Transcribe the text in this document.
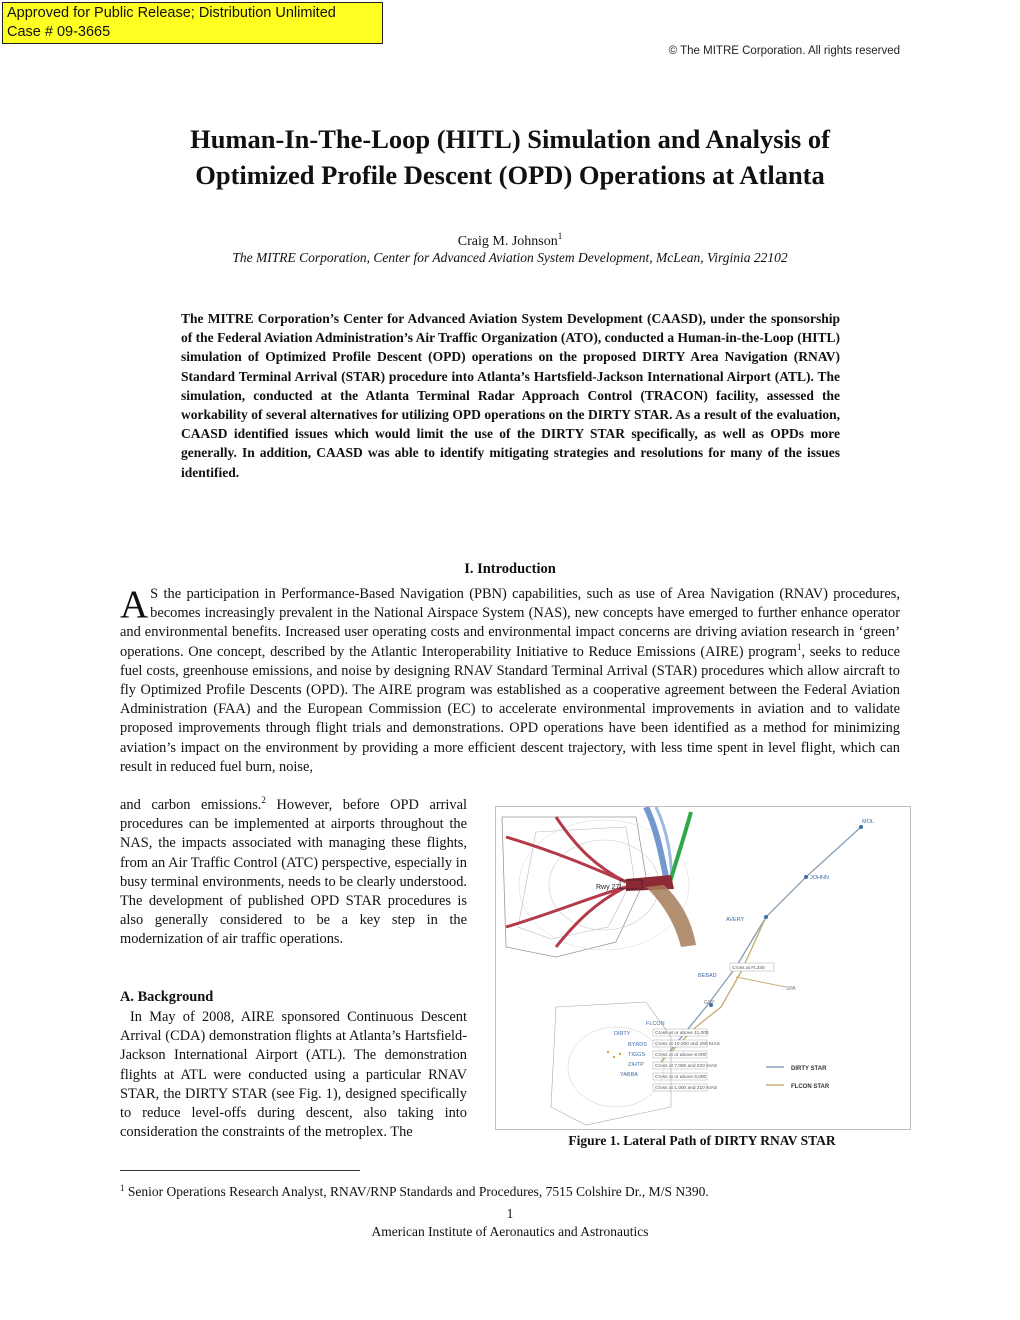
Approved for Public Release; Distribution Unlimited
Case # 09-3665
© The MITRE Corporation. All rights reserved
Human-In-The-Loop (HITL) Simulation and Analysis of
Optimized Profile Descent (OPD) Operations at Atlanta
Craig M. Johnson$^1$
The MITRE Corporation, Center for Advanced Aviation System Development, McLean, Virginia 22102
The MITRE Corporation’s Center for Advanced Aviation System Development (CAASD), under the sponsorship of the Federal Aviation Administration’s Air Traffic Organization (ATO), conducted a Human-in-the-Loop (HITL) simulation of Optimized Profile Descent (OPD) operations on the proposed DIRTY Area Navigation (RNAV) Standard Terminal Arrival (STAR) procedure into Atlanta’s Hartsfield-Jackson International Airport (ATL). The simulation, conducted at the Atlanta Terminal Radar Approach Control (TRACON) facility, assessed the workability of several alternatives for utilizing OPD operations on the DIRTY STAR. As a result of the evaluation, CAASD identified issues which would limit the use of the DIRTY STAR specifically, as well as OPDs more generally. In addition, CAASD was able to identify mitigating strategies and resolutions for many of the issues identified.
I. Introduction

A S the participation in Performance-Based Navigation (PBN) capabilities, such as use of Area Navigation (RNAV) procedures, becomes increasingly prevalent in the National Airspace System (NAS), new concepts have emerged to further enhance operator and environmental benefits. Increased user operating costs and environmental impact concerns are driving aviation research in ‘green’ operations. One concept, described by the Atlantic Interoperability Initiative to Reduce Emissions (AIRE) program$^1$, seeks to reduce fuel costs, greenhouse emissions, and noise by designing RNAV Standard Terminal Arrival (STAR) procedures which allow aircraft to fly Optimized Profile Descents (OPD). The AIRE program was established as a cooperative agreement between the Federal Aviation Administration (FAA) and the European Commission (EC) to accelerate environmental improvements in aviation and to validate proposed improvements through flight trials and demonstrations. OPD operations have been identified as a method for minimizing aviation’s impact on the environment by providing a more efficient descent trajectory, with less time spent in level flight, which can result in reduced fuel burn, noise,

and carbon emissions.$^2$ However, before OPD arrival procedures can be implemented at airports throughout the NAS, the impacts associated with managing these flights, from an Air Traffic Control (ATC) perspective, especially in busy terminal environments, needs to be clearly understood. The development of published OPD STAR procedures is also generally considered to be a key step in the modernization of air traffic operations.

A. Background

In May of 2008, AIRE sponsored Continuous Descent Arrival (CDA) demonstration flights at Atlanta’s Hartsfield-Jackson International Airport (ATL). The demonstration flights at ATL were conducted using a particular RNAV STAR, the DIRTY STAR (see Fig. 1), designed specifically to reduce level-offs during descent, also taking into consideration the constraints of the metroplex. The

Rwy 27L
MOL
JOHNN
AVERY
BEBAD
SPA
GSP
FLCON
DIRTY
BYRDS
TIGGS
ZIHTP
YABBA
Cross at FL340
Cross at or above 11,000
Cross at 10,000 and 250 KIAS
Cross at or above 8,000
Cross at 7,000 and 220 KIAS
Cross at or above 6,000
Cross at 1,000 and 210 KIAS
DIRTY STAR
FLCON STAR
Figure 1. Lateral Path of DIRTY RNAV STAR
$^1$ Senior Operations Research Analyst, RNAV/RNP Standards and Procedures, 7515 Colshire Dr., M/S N390.
1
American Institute of Aeronautics and Astronautics
